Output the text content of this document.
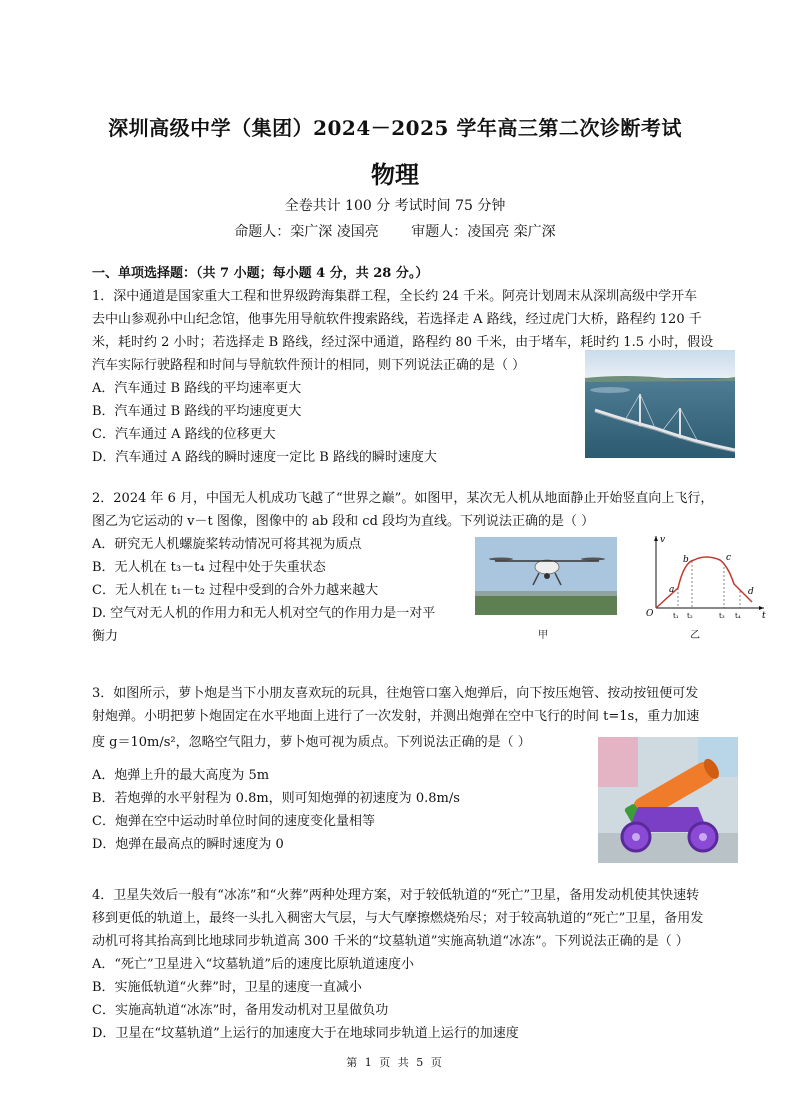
深圳高级中学（集团）2024－2025 学年高三第二次诊断考试
物理
全卷共计 100 分 考试时间 75 分钟
命题人：栾广深 凌国亮 审题人：凌国亮 栾广深
一、单项选择题：（共 7 小题；每小题 4 分，共 28 分。）
1．深中通道是国家重大工程和世界级跨海集群工程，全长约 24 千米。阿亮计划周末从深圳高级中学开车
去中山参观孙中山纪念馆，他事先用导航软件搜索路线，若选择走 A 路线，经过虎门大桥，路程约 120 千
米，耗时约 2 小时；若选择走 B 路线，经过深中通道，路程约 80 千米，由于堵车，耗时约 1.5 小时，假设
汽车实际行驶路程和时间与导航软件预计的相同，则下列说法正确的是（ ）
A．汽车通过 B 路线的平均速率更大
B．汽车通过 B 路线的平均速度更大
C．汽车通过 A 路线的位移更大
D．汽车通过 A 路线的瞬时速度一定比 B 路线的瞬时速度大
2．2024 年 6 月，中国无人机成功飞越了“世界之巅”。如图甲，某次无人机从地面静止开始竖直向上飞行，
图乙为它运动的 v－t 图像，图像中的 ab 段和 cd 段均为直线。下列说法正确的是（ ）
A．研究无人机螺旋桨转动情况可将其视为质点
B．无人机在 t₃－t₄ 过程中处于失重状态
C．无人机在 t₁－t₂ 过程中受到的合外力越来越大
D. 空气对无人机的作用力和无人机对空气的作用力是一对平
衡力	甲
v
t
O
a
b	c
d
t₁ t₂	t₃ t₄
乙
3．如图所示，萝卜炮是当下小朋友喜欢玩的玩具，往炮管口塞入炮弹后，向下按压炮管、按动按钮便可发
射炮弹。小明把萝卜炮固定在水平地面上进行了一次发射，并测出炮弹在空中飞行的时间 t=1s，重力加速
度 g＝10m/s²，忽略空气阻力，萝卜炮可视为质点。下列说法正确的是（ ）
A．炮弹上升的最大高度为 5m
B．若炮弹的水平射程为 0.8m，则可知炮弹的初速度为 0.8m/s
C．炮弹在空中运动时单位时间的速度变化量相等
D．炮弹在最高点的瞬时速度为 0
4．卫星失效后一般有“冰冻”和“火葬”两种处理方案，对于较低轨道的“死亡”卫星，备用发动机使其快速转
移到更低的轨道上，最终一头扎入稠密大气层，与大气摩擦燃烧殆尽；对于较高轨道的“死亡”卫星，备用发
动机可将其抬高到比地球同步轨道高 300 千米的“坟墓轨道”实施高轨道“冰冻”。下列说法正确的是（ ）
A．“死亡”卫星进入“坟墓轨道”后的速度比原轨道速度小
B．实施低轨道“火葬”时，卫星的速度一直减小
C．实施高轨道“冰冻”时，备用发动机对卫星做负功
D．卫星在“坟墓轨道”上运行的加速度大于在地球同步轨道上运行的加速度
第 1 页 共 5 页
